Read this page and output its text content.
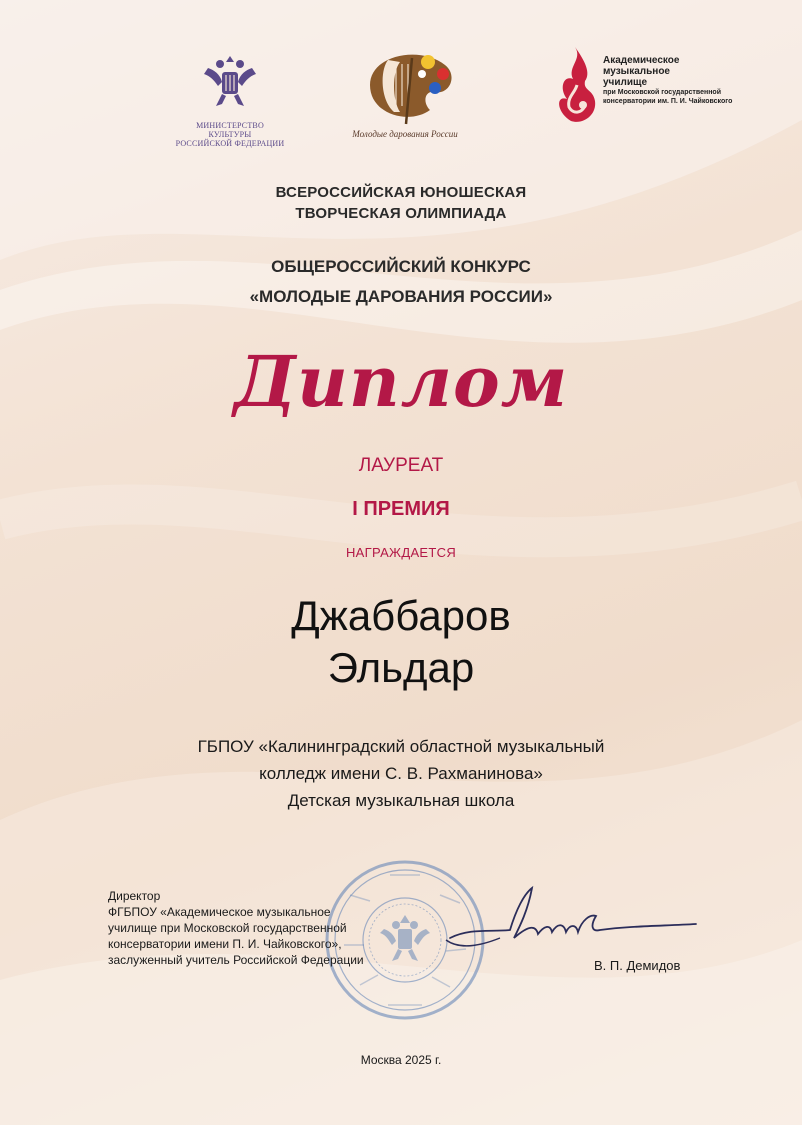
МИНИСТЕРСТВО КУЛЬТУРЫ
РОССИЙСКОЙ ФЕДЕРАЦИИ
Молодые дарования России
Академическое
музыкальное
училище
при Московской государственной
консерватории им. П. И. Чайковского
ВСЕРОССИЙСКАЯ ЮНОШЕСКАЯ
ТВОРЧЕСКАЯ ОЛИМПИАДА
ОБЩЕРОССИЙСКИЙ КОНКУРС
«МОЛОДЫЕ ДАРОВАНИЯ РОССИИ»
Диплом
ЛАУРЕАТ
I ПРЕМИЯ
НАГРАЖДАЕТСЯ
Джаббаров
Эльдар
ГБПОУ «Калининградский областной музыкальный
колледж имени С. В. Рахманинова»
Детская музыкальная школа
Директор
ФГБПОУ «Академическое музыкальное
училище при Московской государственной
консерватории имени П. И. Чайковского»,
заслуженный учитель Российской Федерации	В. П. Демидов
Москва 2025 г.
